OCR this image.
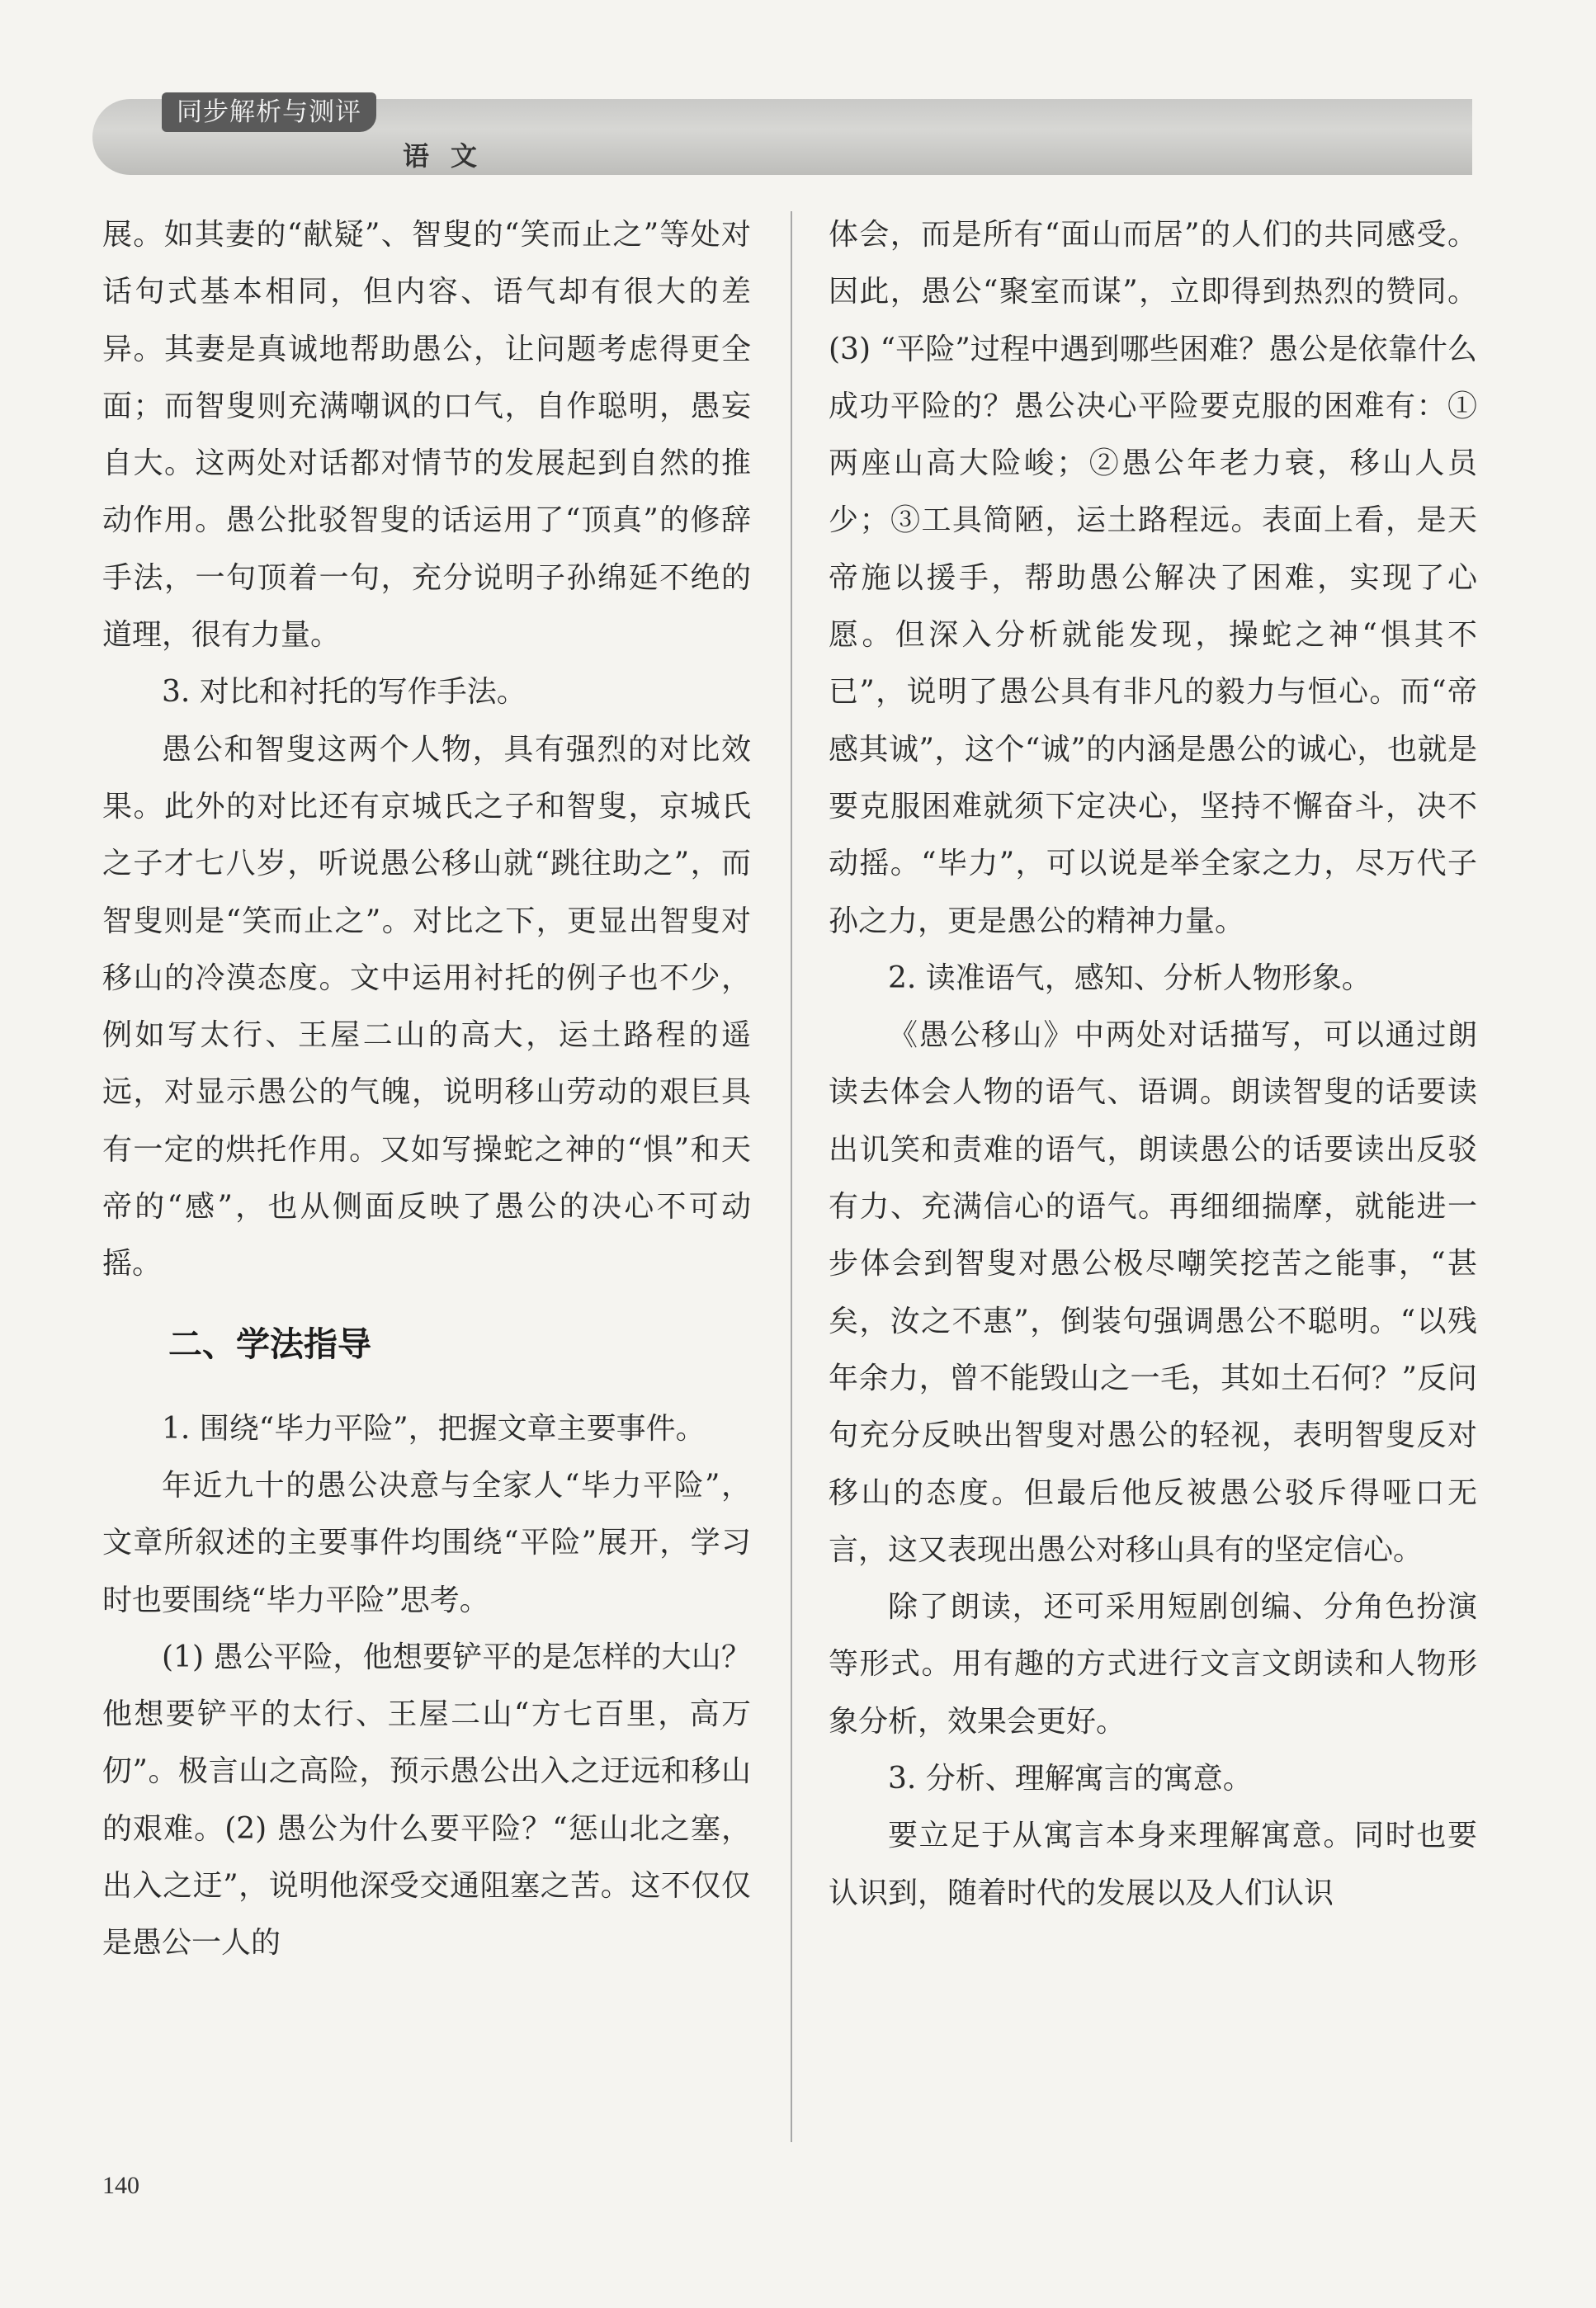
同步解析与测评
语文

展。如其妻的“献疑”、智叟的“笑而止之”等处对话句式基本相同，但内容、语气却有很大的差异。其妻是真诚地帮助愚公，让问题考虑得更全面；而智叟则充满嘲讽的口气，自作聪明，愚妄自大。这两处对话都对情节的发展起到自然的推动作用。愚公批驳智叟的话运用了“顶真”的修辞手法，一句顶着一句，充分说明子孙绵延不绝的道理，很有力量。

3. 对比和衬托的写作手法。

愚公和智叟这两个人物，具有强烈的对比效果。此外的对比还有京城氏之子和智叟，京城氏之子才七八岁，听说愚公移山就“跳往助之”，而智叟则是“笑而止之”。对比之下，更显出智叟对移山的冷漠态度。文中运用衬托的例子也不少，例如写太行、王屋二山的高大，运土路程的遥远，对显示愚公的气魄，说明移山劳动的艰巨具有一定的烘托作用。又如写操蛇之神的“惧”和天帝的“感”，也从侧面反映了愚公的决心不可动摇。

二、学法指导

1. 围绕“毕力平险”，把握文章主要事件。

年近九十的愚公决意与全家人“毕力平险”，文章所叙述的主要事件均围绕“平险”展开，学习时也要围绕“毕力平险”思考。

(1) 愚公平险，他想要铲平的是怎样的大山？他想要铲平的太行、王屋二山“方七百里，高万仞”。极言山之高险，预示愚公出入之迂远和移山的艰难。(2) 愚公为什么要平险？“惩山北之塞，出入之迂”，说明他深受交通阻塞之苦。这不仅仅是愚公一人的

体会，而是所有“面山而居”的人们的共同感受。因此，愚公“聚室而谋”，立即得到热烈的赞同。(3) “平险”过程中遇到哪些困难？愚公是依靠什么成功平险的？愚公决心平险要克服的困难有：①两座山高大险峻；②愚公年老力衰，移山人员少；③工具简陋，运土路程远。表面上看，是天帝施以援手，帮助愚公解决了困难，实现了心愿。但深入分析就能发现，操蛇之神“惧其不已”，说明了愚公具有非凡的毅力与恒心。而“帝感其诚”，这个“诚”的内涵是愚公的诚心，也就是要克服困难就须下定决心，坚持不懈奋斗，决不动摇。“毕力”，可以说是举全家之力，尽万代子孙之力，更是愚公的精神力量。

2. 读准语气，感知、分析人物形象。

《愚公移山》中两处对话描写，可以通过朗读去体会人物的语气、语调。朗读智叟的话要读出讥笑和责难的语气，朗读愚公的话要读出反驳有力、充满信心的语气。再细细揣摩，就能进一步体会到智叟对愚公极尽嘲笑挖苦之能事，“甚矣，汝之不惠”，倒装句强调愚公不聪明。“以残年余力，曾不能毁山之一毛，其如土石何？”反问句充分反映出智叟对愚公的轻视，表明智叟反对移山的态度。但最后他反被愚公驳斥得哑口无言，这又表现出愚公对移山具有的坚定信心。

除了朗读，还可采用短剧创编、分角色扮演等形式。用有趣的方式进行文言文朗读和人物形象分析，效果会更好。

3. 分析、理解寓言的寓意。

要立足于从寓言本身来理解寓意。同时也要认识到，随着时代的发展以及人们认识

140
